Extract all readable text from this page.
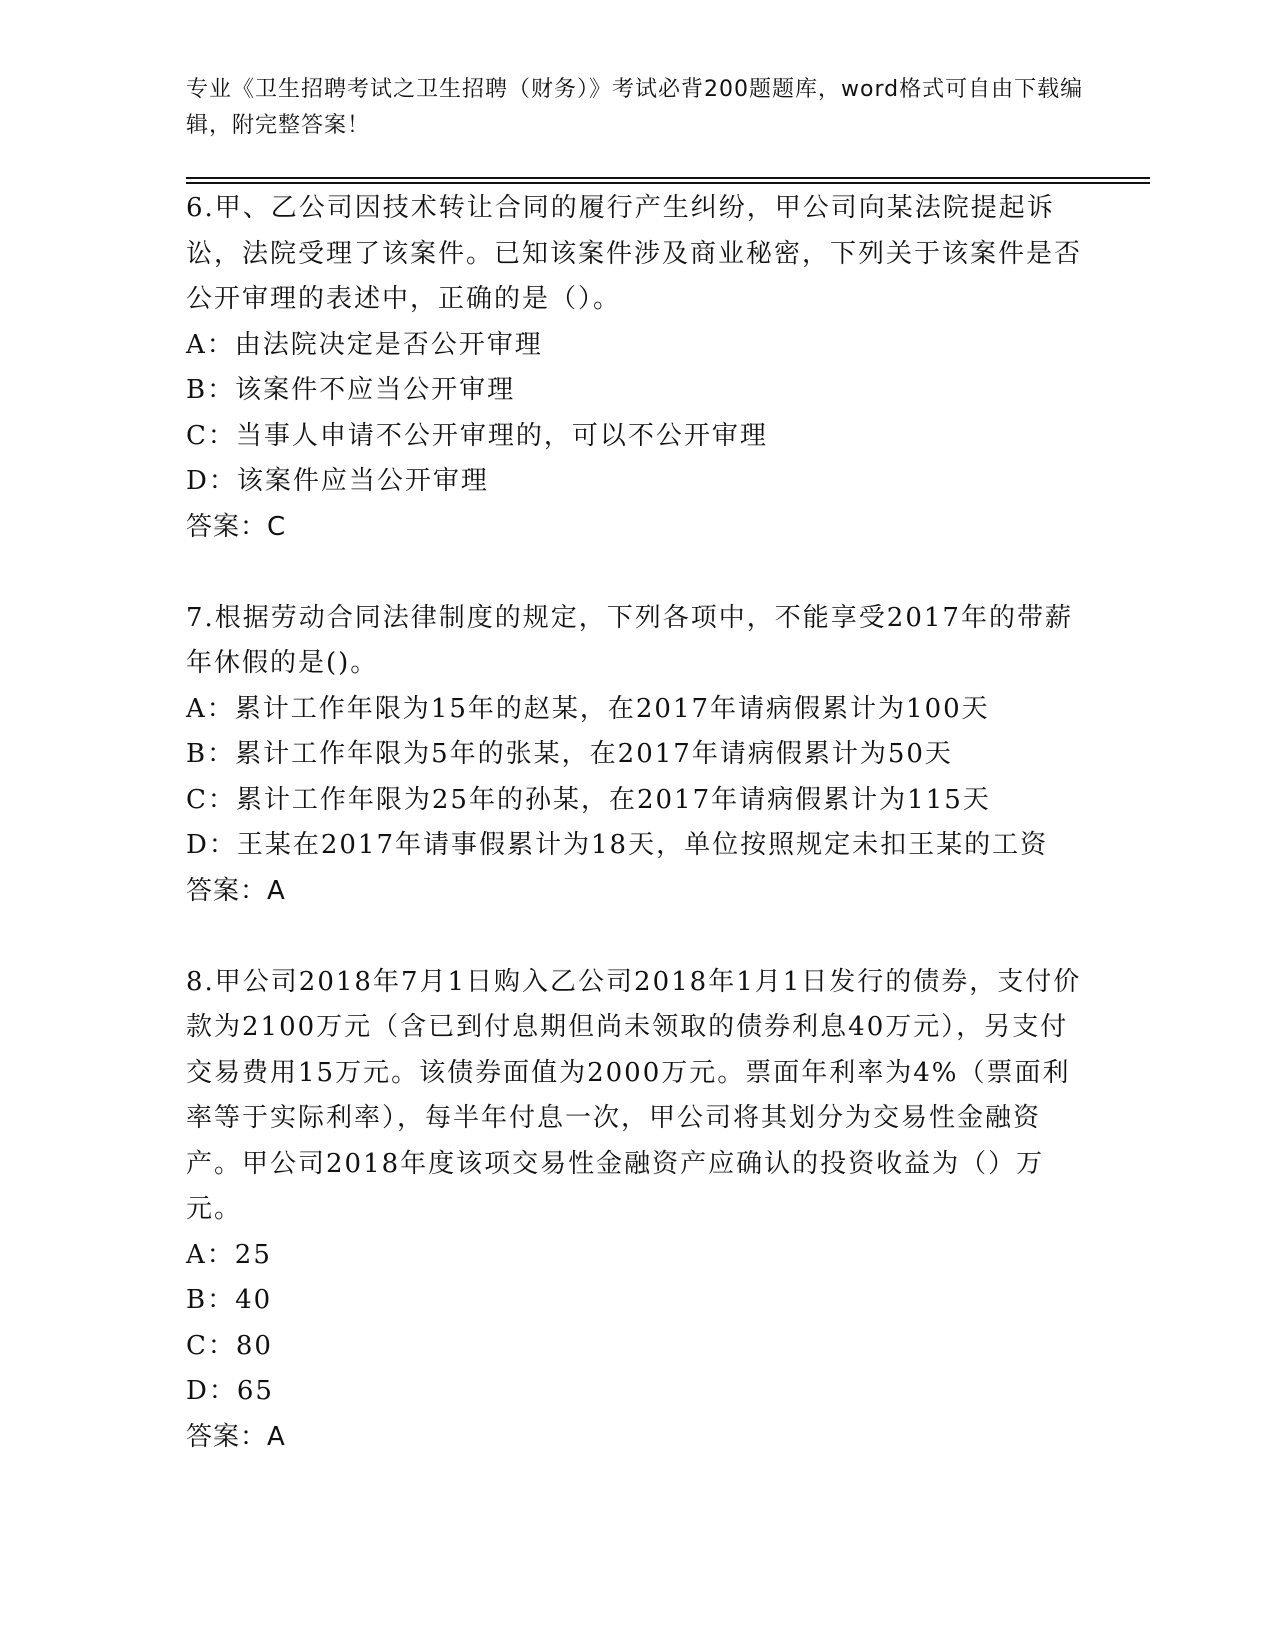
专业《卫生招聘考试之卫生招聘（财务）》考试必背200题题库，word格式可自由下载编辑，附完整答案！

6.甲、乙公司因技术转让合同的履行产生纠纷，甲公司向某法院提起诉讼，法院受理了该案件。已知该案件涉及商业秘密，下列关于该案件是否公开审理的表述中，正确的是（）。

A：由法院决定是否公开审理

B：该案件不应当公开审理

C：当事人申请不公开审理的，可以不公开审理

D：该案件应当公开审理

答案：C

7.根据劳动合同法律制度的规定，下列各项中，不能享受2017年的带薪年休假的是()。

A：累计工作年限为15年的赵某，在2017年请病假累计为100天

B：累计工作年限为5年的张某，在2017年请病假累计为50天

C：累计工作年限为25年的孙某，在2017年请病假累计为115天

D：王某在2017年请事假累计为18天，单位按照规定未扣王某的工资

答案：A

8.甲公司2018年7月1日购入乙公司2018年1月1日发行的债券，支付价款为2100万元（含已到付息期但尚未领取的债券利息40万元），另支付交易费用15万元。该债券面值为2000万元。票面年利率为4%（票面利率等于实际利率），每半年付息一次，甲公司将其划分为交易性金融资产。甲公司2018年度该项交易性金融资产应确认的投资收益为（）万元。

A：25

B：40

C：80

D：65

答案：A
